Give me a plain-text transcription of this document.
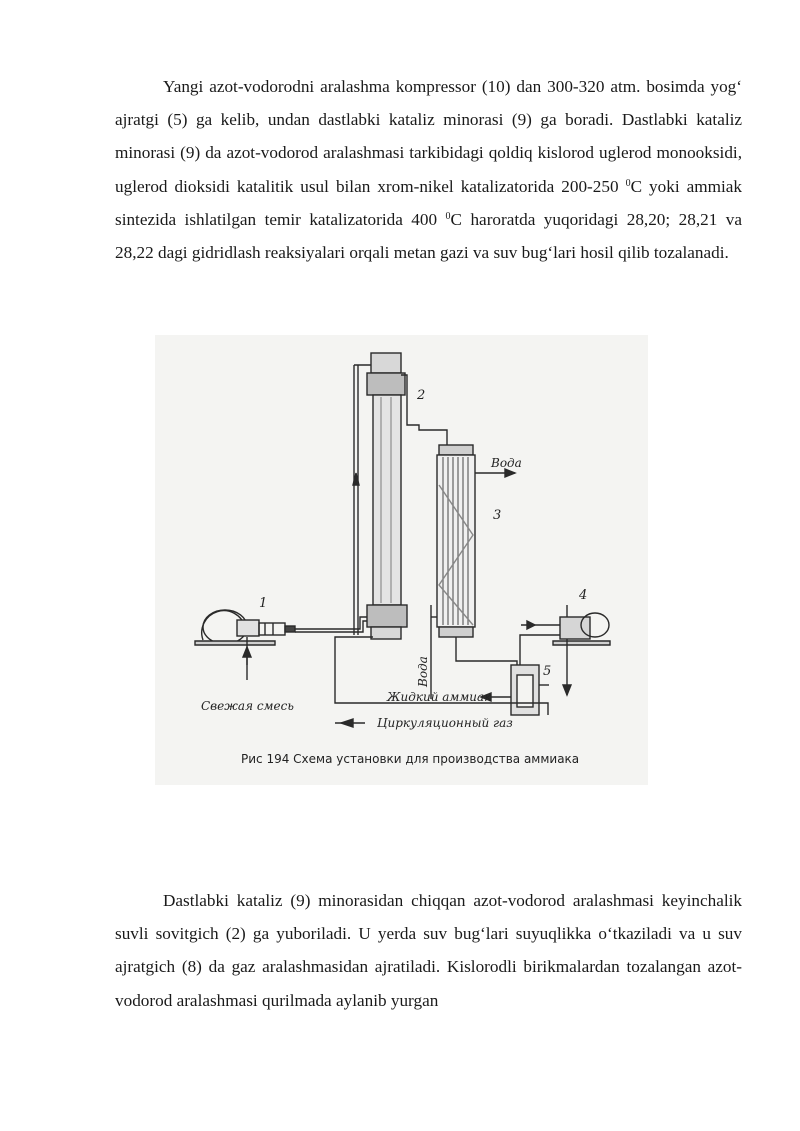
Yangi azot-vodorodni aralashma kompressor (10) dan 300-320 atm. bosimda yog‘ ajratgi (5) ga kelib, undan dastlabki kataliz minorasi (9) ga boradi. Dastlabki kataliz minorasi (9) da azot-vodorod aralashmasi tarkibidagi qoldiq kislorod uglerod monooksidi, uglerod dioksidi katalitik usul bilan xrom-nikel katalizatorida 200-250 $^0$C yoki ammiak sintezida ishlatilgan temir katalizatorida 400 $^0$C haroratda yuqoridagi 28,20; 28,21 va 28,22 dagi gidridlash reaksiyalari orqali metan gazi va suv bug‘lari hosil qilib tozalanadi.

1
2
3
4
5
Вода
Вода
Свежая смесь
Жидкий аммиак
Циркуляционный газ
Рис 194 Схема установки для производства аммиака

Dastlabki kataliz (9) minorasidan chiqqan azot-vodorod aralashmasi keyinchalik suvli sovitgich (2) ga yuboriladi. U yerda suv bug‘lari suyuqlikka o‘tkaziladi va u suv ajratgich (8) da gaz aralashmasidan ajratiladi. Kislorodli birikmalardan tozalangan azot-vodorod aralashmasi qurilmada aylanib yurgan
